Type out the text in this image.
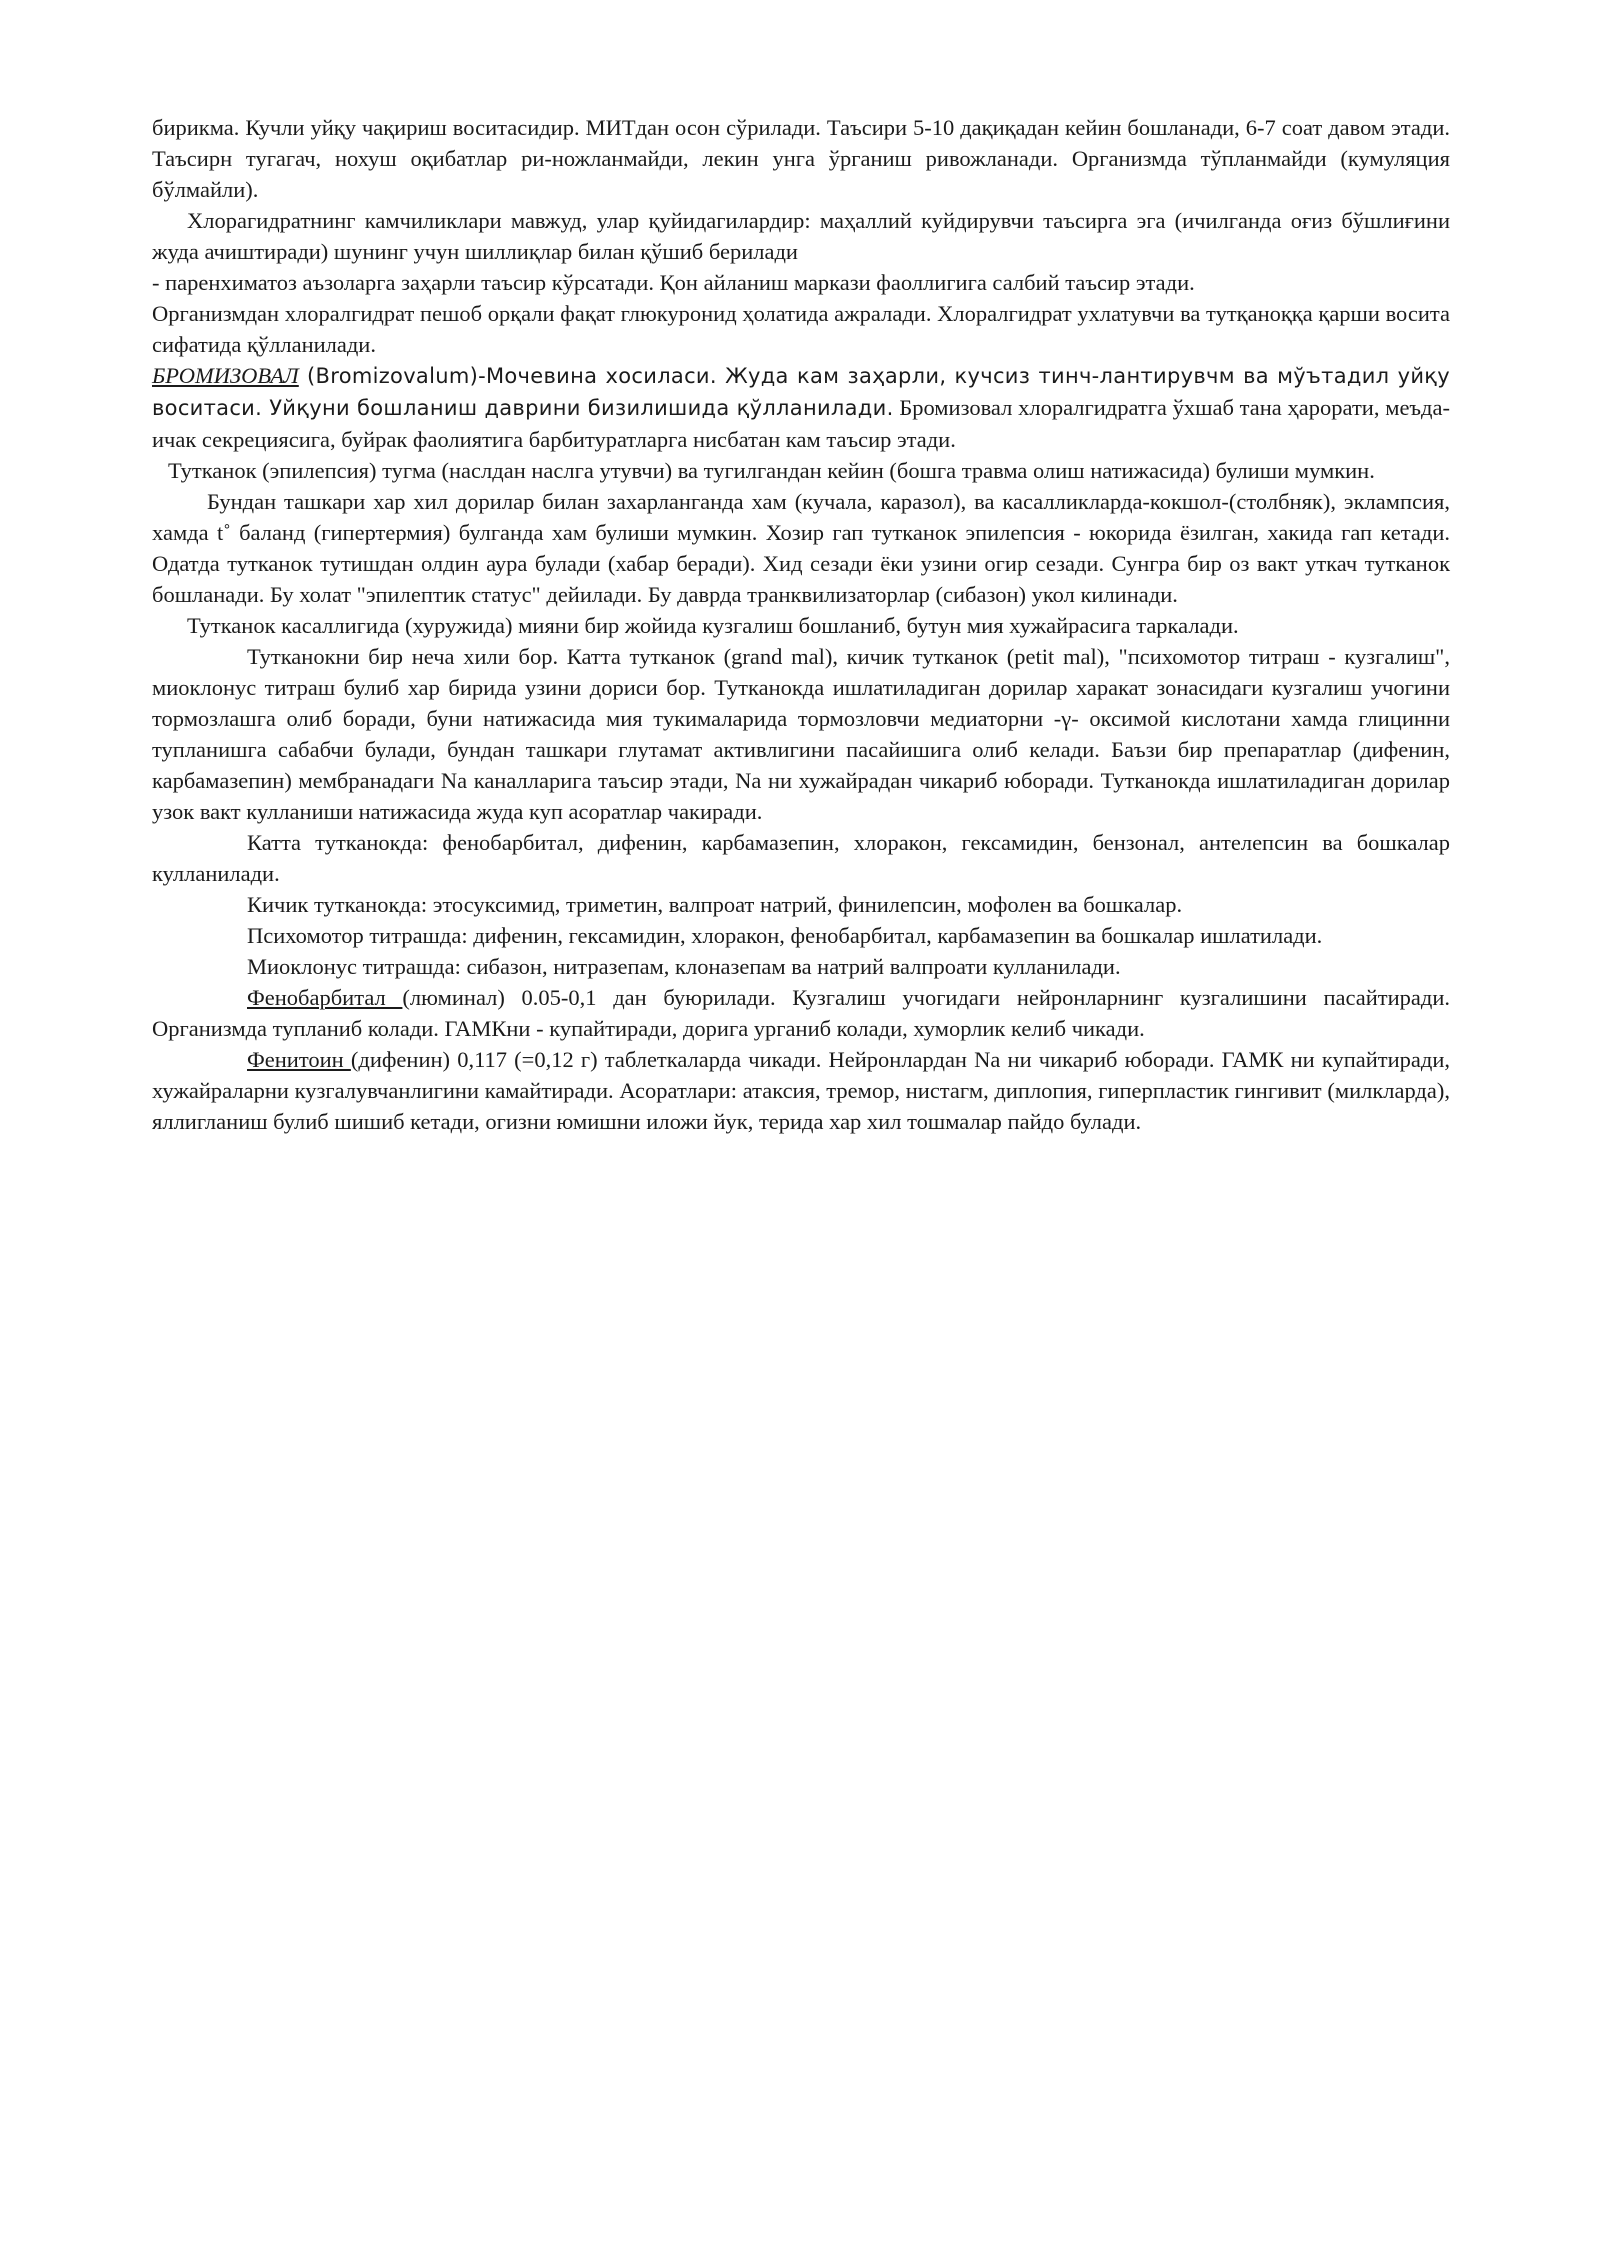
бирикма. Кучли уйқу чақириш воситасидир. МИТдан осон сўрилади. Таъсири 5-10 дақиқадан кейин бошланади, 6-7 соат давом этади. Таъсирн тугагач, нохуш оқибатлар ри-ножланмайди, лекин унга ўрганиш ривожланади. Организмда тўпланмайди (кумуляция бўлмайли).

Хлорагидратнинг камчиликлари мавжуд, улар қуйидагилардир: маҳаллий куйдирувчи таъсирга эга (ичилганда оғиз бўшлиғини жуда ачиштиради) шунинг учун шиллиқлар билан қўшиб берилади

- паренхиматоз аъзоларга заҳарли таъсир кўрсатади. Қон айланиш маркази фаоллигига салбий таъсир этади.

Организмдан хлоралгидрат пешоб орқали фақат глюкуронид ҳолатида ажралади. Хлоралгидрат ухлатувчи ва тутқаноққа қарши восита сифатида қўлланилади.

БРОМИЗОВАЛ (Bromizovalum)-Мочевина хосиласи. Жуда кам заҳарли, кучсиз тинч-лантирувчм ва мўътадил уйқу воситаси. Уйқуни бошланиш даврини бизилишида қўлланилади. Бромизовал хлоралгидратга ўхшаб тана ҳарорати, меъда-ичак секрециясига, буйрак фаолиятига барбитуратларга нисбатан кам таъсир этади.

Тутканок (эпилепсия) тугма (наслдан наслга утувчи) ва тугилгандан кейин (бошга травма олиш натижасида) булиши мумкин.

Бундан ташкари хар хил дорилар билан захарланганда хам (кучала, каразол), ва касалликларда-кокшол-(столбняк), эклампсия, хамда t˚ баланд (гипертермия) булганда хам булиши мумкин. Хозир гап тутканок эпилепсия - юкорида ёзилган, хакида гап кетади. Одатда тутканок тутишдан олдин аура булади (хабар беради). Хид сезади ёки узини огир сезади. Сунгра бир оз вакт уткач тутканок бошланади. Бу холат "эпилептик статус" дейилади. Бу даврда транквилизаторлар (сибазон) укол килинади.

Тутканок касаллигида (хуружида) мияни бир жойида кузгалиш бошланиб, бутун мия хужайрасига таркалади.

Тутканокни бир неча хили бор. Катта тутканок (grand mal), кичик тутканок (petit mal), "психомотор титраш - кузгалиш", миоклонус титраш булиб хар бирида узини дориси бор. Тутканокда ишлатиладиган дорилар харакат зонасидаги кузгалиш учогини тормозлашга олиб боради, буни натижасида мия тукималарида тормозловчи медиаторни -γ- оксимой кислотани хамда глицинни тупланишга сабабчи булади, бундан ташкари глутамат активлигини пасайишига олиб келади. Баъзи бир препаратлар (дифенин, карбамазепин) мембранадаги Na каналларига таъсир этади, Na ни хужайрадан чикариб юборади. Тутканокда ишлатиладиган дорилар узок вакт кулланиши натижасида жуда куп асоратлар чакиради.

Катта тутканокда: фенобарбитал, дифенин, карбамазепин, хлоракон, гексамидин, бензонал, антелепсин ва бошкалар кулланилади.

Кичик тутканокда: этосуксимид, триметин, валпроат натрий, финилепсин, мофолен ва бошкалар.

Психомотор титрашда: дифенин, гексамидин, хлоракон, фенобарбитал, карбамазепин ва бошкалар ишлатилади.

Миоклонус титрашда: сибазон, нитразепам, клоназепам ва натрий валпроати кулланилади.

Фенобарбитал (люминал) 0.05-0,1 дан буюрилади. Кузгалиш учогидаги нейронларнинг кузгалишини пасайтиради. Организмда тупланиб колади. ГАМКни - купайтиради, дорига урганиб колади, хуморлик келиб чикади.

Фенитоин (дифенин) 0,117 (=0,12 г) таблеткаларда чикади. Нейронлардан Na ни чикариб юборади. ГАМК ни купайтиради, хужайраларни кузгалувчанлигини камайтиради. Асоратлари: атаксия, тремор, нистагм, диплопия, гиперпластик гингивит (милкларда), яллигланиш булиб шишиб кетади, огизни юмишни иложи йук, терида хар хил тошмалар пайдо булади.
